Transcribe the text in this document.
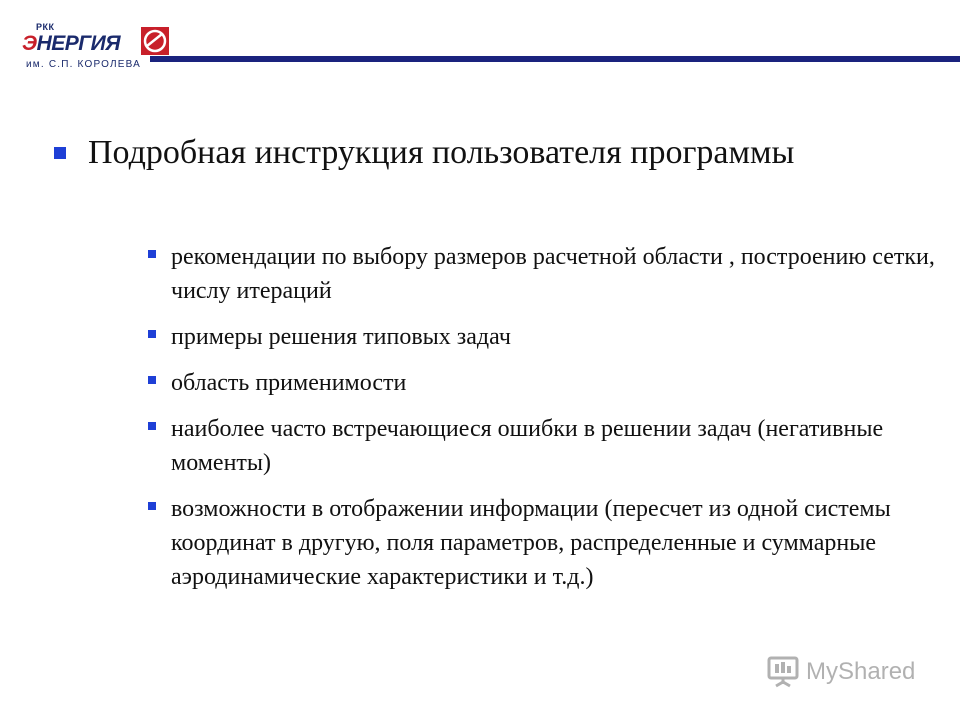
РКК
ЭНЕРГИЯ
им. С.П. КОРОЛЕВА
Подробная инструкция пользователя программы
рекомендации по выбору размеров расчетной области , построению сетки, числу итераций
примеры решения типовых задач
область применимости
наиболее часто встречающиеся ошибки в решении задач (негативные моменты)
возможности в отображении информации (пересчет из одной системы координат в другую, поля параметров, распределенные и суммарные аэродинамические характеристики и т.д.)
MyShared
